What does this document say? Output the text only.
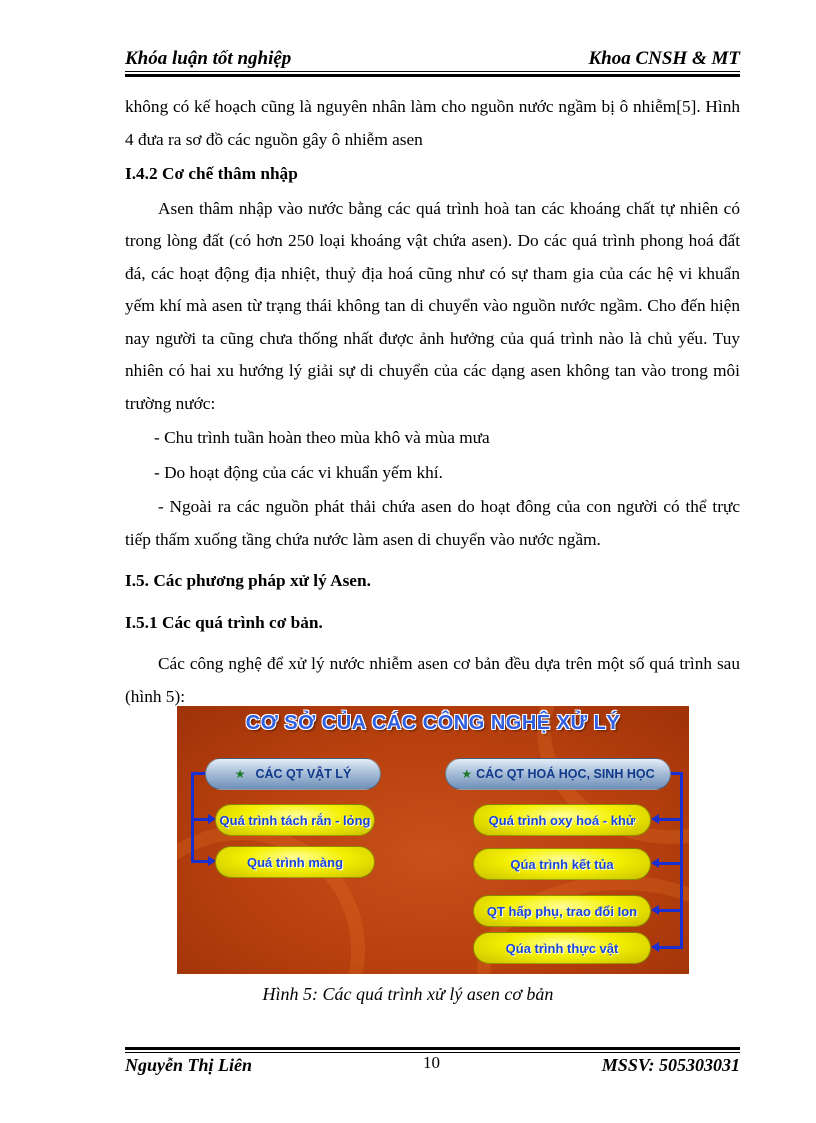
Khóa luận tốt nghiệp	Khoa CNSH & MT

không có kế hoạch cũng là nguyên nhân làm cho nguồn nước ngầm bị ô nhiễm[5]. Hình 4 đưa ra sơ đồ các nguồn gây ô nhiễm asen

I.4.2 Cơ chế thâm nhập

Asen thâm nhập vào nước bằng các quá trình hoà tan các khoáng chất tự nhiên có trong lòng đất (có hơn 250 loại khoáng vật chứa asen). Do các quá trình phong hoá đất đá, các hoạt động địa nhiệt, thuỷ địa hoá cũng như có sự tham gia của các hệ vi khuẩn yếm khí mà asen từ trạng thái không tan di chuyển vào nguồn nước ngầm. Cho đến hiện nay người ta cũng chưa thống nhất được ảnh hưởng của quá trình nào là chủ yếu. Tuy nhiên có hai xu hướng lý giải sự di chuyển của các dạng asen không tan vào trong môi trường nước:

- Chu trình tuần hoàn theo mùa khô và mùa mưa

- Do hoạt động của các vi khuẩn yếm khí.

- Ngoài ra các nguồn phát thải chứa asen do hoạt đông của con người có thể trực tiếp thấm xuống tầng chứa nước làm asen di chuyển vào nước ngầm.

I.5. Các phương pháp xử lý Asen.

I.5.1 Các quá trình cơ bản.

Các công nghệ để xử lý nước nhiễm asen cơ bản đều dựa trên một số quá trình sau (hình 5):

CƠ SỞ CỦA CÁC CÔNG NGHỆ XỬ LÝ
★ CÁC QT VẬT LÝ
Quá trình tách rắn - lỏng
Quá trình màng
★ CÁC QT HOÁ HỌC, SINH HỌC
Quá trình oxy hoá - khử
Qúa trình kết tủa
QT hấp phụ, trao đổi Ion
Qúa trình thực vật
Hình 5: Các quá trình xử lý asen cơ bản
Nguyễn Thị Liên	10	MSSV: 505303031
